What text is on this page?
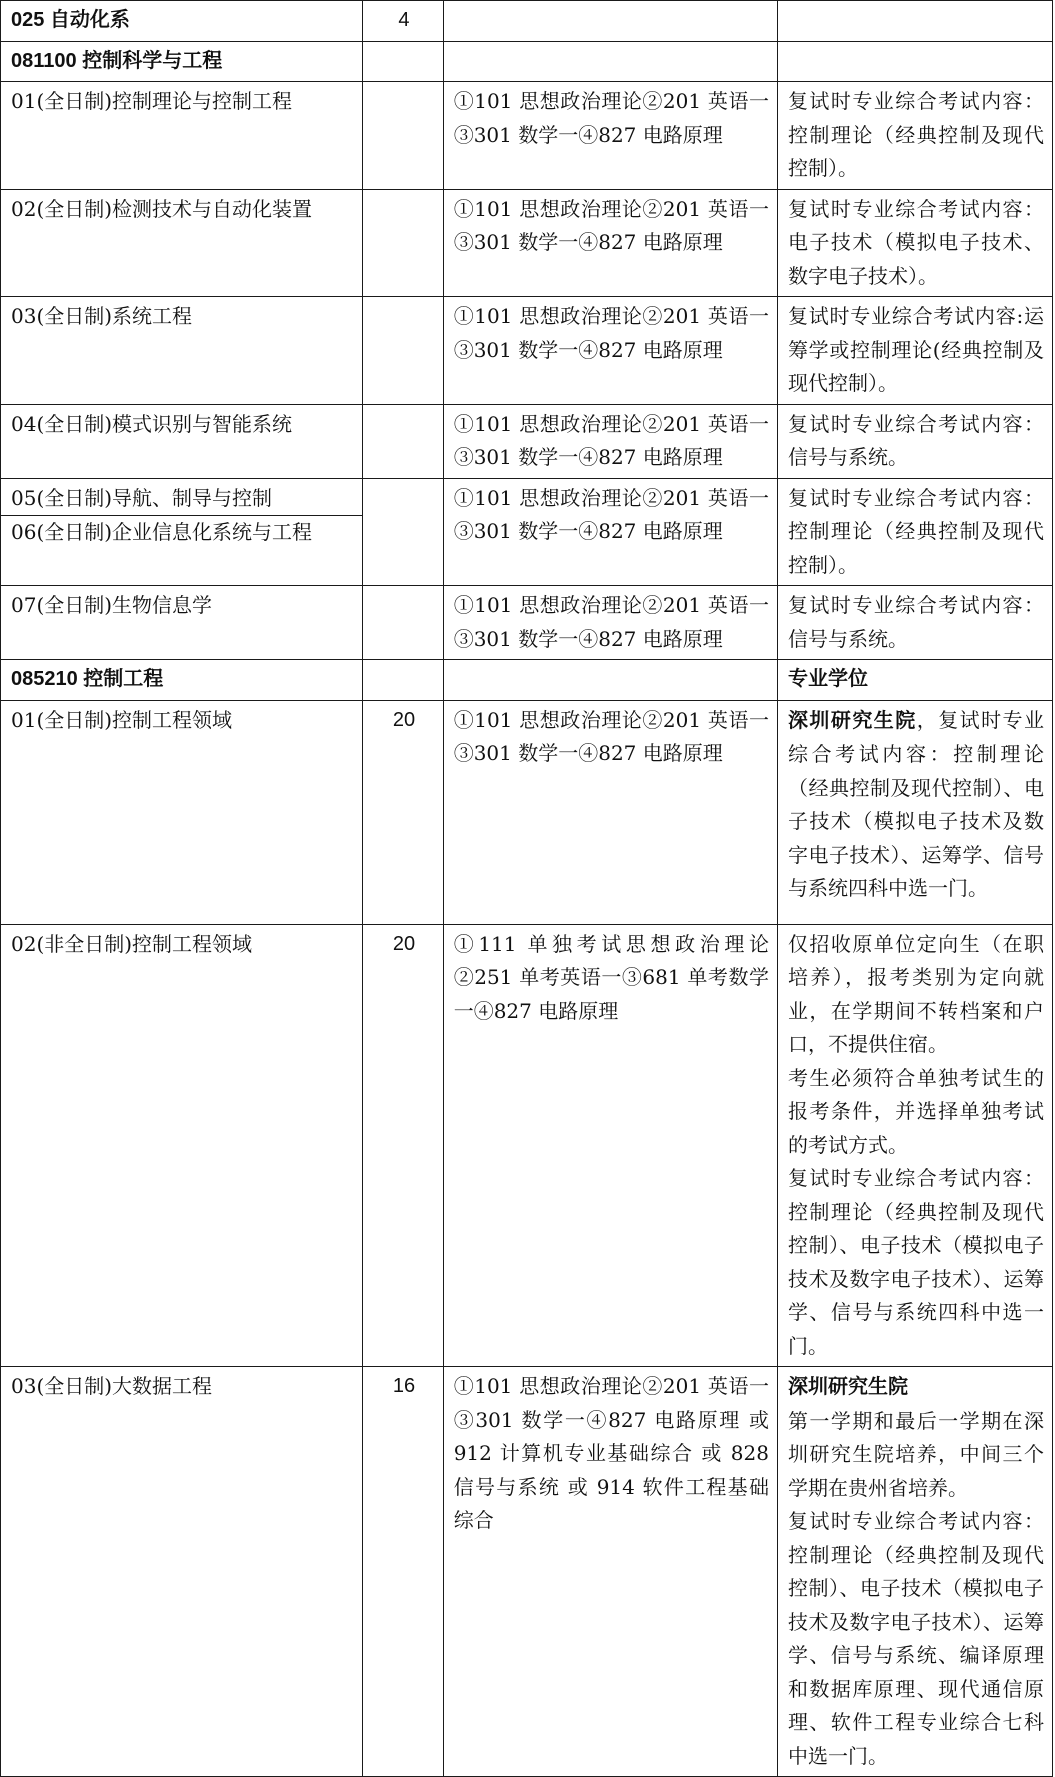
025 自动化系	4		
081100 控制科学与工程			

01(全日制)控制理论与控制工程		①101 思想政治理论②201 英语一③301 数学一④827 电路原理	复试时专业综合考试内容：控制理论（经典控制及现代控制）。

02(全日制)检测技术与自动化装置		①101 思想政治理论②201 英语一③301 数学一④827 电路原理	复试时专业综合考试内容：电子技术（模拟电子技术、数字电子技术）。

03(全日制)系统工程		①101 思想政治理论②201 英语一③301 数学一④827 电路原理	复试时专业综合考试内容:运筹学或控制理论(经典控制及现代控制）。

04(全日制)模式识别与智能系统		①101 思想政治理论②201 英语一③301 数学一④827 电路原理	复试时专业综合考试内容：信号与系统。

05(全日制)导航、制导与控制
06(全日制)企业信息化系统与工程		①101 思想政治理论②201 英语一③301 数学一④827 电路原理	复试时专业综合考试内容：控制理论（经典控制及现代控制）。

07(全日制)生物信息学		①101 思想政治理论②201 英语一③301 数学一④827 电路原理	复试时专业综合考试内容：信号与系统。

085210 控制工程			专业学位

01(全日制)控制工程领域	20	①101 思想政治理论②201 英语一③301 数学一④827 电路原理	深圳研究生院，复试时专业综合考试内容：控制理论（经典控制及现代控制）、电子技术（模拟电子技术及数字电子技术）、运筹学、信号与系统四科中选一门。

02(非全日制)控制工程领域	20	①111 单独考试思想政治理论②251 单考英语一③681 单考数学一④827 电路原理	仅招收原单位定向生（在职培养），报考类别为定向就业，在学期间不转档案和户口，不提供住宿。
考生必须符合单独考试生的报考条件，并选择单独考试的考试方式。
复试时专业综合考试内容：控制理论（经典控制及现代控制）、电子技术（模拟电子技术及数字电子技术）、运筹学、信号与系统四科中选一门。

03(全日制)大数据工程	16	①101 思想政治理论②201 英语一③301 数学一④827 电路原理 或 912 计算机专业基础综合 或 828 信号与系统 或 914 软件工程基础综合	深圳研究生院
第一学期和最后一学期在深圳研究生院培养，中间三个学期在贵州省培养。
复试时专业综合考试内容：控制理论（经典控制及现代控制）、电子技术（模拟电子技术及数字电子技术）、运筹学、信号与系统、编译原理和数据库原理、现代通信原理、软件工程专业综合七科中选一门。
